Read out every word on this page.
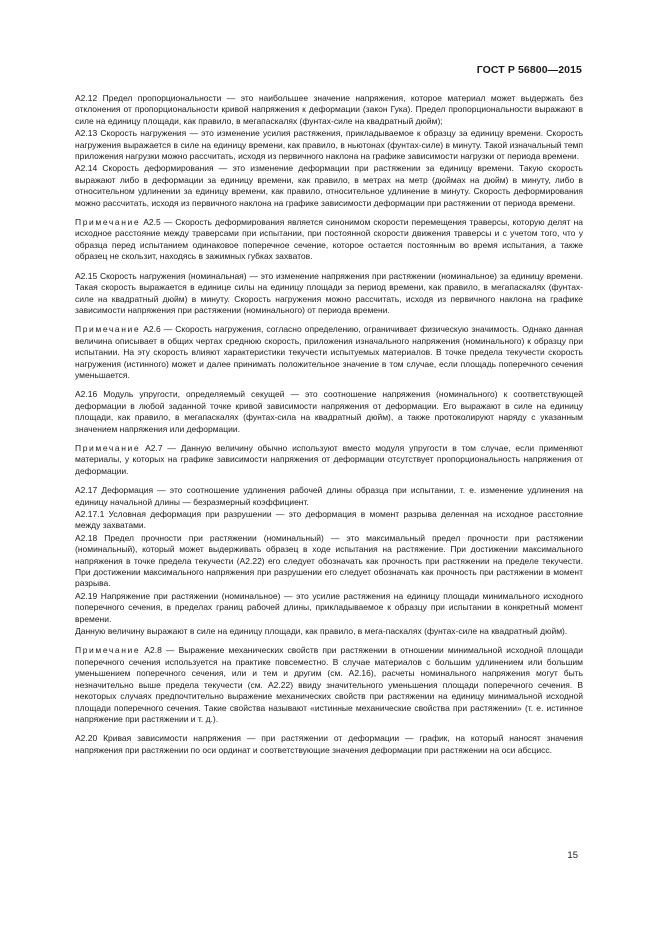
ГОСТ Р 56800—2015

А2.12 Предел пропорциональности — это наибольшее значение напряжения, которое материал может выдержать без отклонения от пропорциональности кривой напряжения к деформации (закон Гука). Предел пропорциональности выражают в силе на единицу площади, как правило, в мегапаскалях (фунтах-силе на квадратный дюйм);

А2.13 Скорость нагружения — это изменение усилия растяжения, прикладываемое к образцу за единицу времени. Скорость нагружения выражается в силе на единицу времени, как правило, в ньютонах (фунтах-силе) в минуту. Такой изначальный темп приложения нагрузки можно рассчитать, исходя из первичного наклона на графике зависимости нагрузки от периода времени.

А2.14 Скорость деформирования — это изменение деформации при растяжении за единицу времени. Такую скорость выражают либо в деформации за единицу времени, как правило, в метрах на метр (дюймах на дюйм) в минуту, либо в относительном удлинении за единицу времени, как правило, относительное удлинение в минуту. Скорость деформирования можно рассчитать, исходя из первичного наклона на графике зависимости деформации при растяжении от периода времени.

Примечание А2.5 — Скорость деформирования является синонимом скорости перемещения траверсы, которую делят на исходное расстояние между траверсами при испытании, при постоянной скорости движения траверсы и с учетом того, что у образца перед испытанием одинаковое поперечное сечение, которое остается постоянным во время испытания, а также образец не скользит, находясь в зажимных губках захватов.

А2.15 Скорость нагружения (номинальная) — это изменение напряжения при растяжении (номинальное) за единицу времени. Такая скорость выражается в единице силы на единицу площади за период времени, как правило, в мегапаскалях (фунтах-силе на квадратный дюйм) в минуту. Скорость нагружения можно рассчитать, исходя из первичного наклона на графике зависимости напряжения при растяжении (номинального) от периода времени.

Примечание А2.6 — Скорость нагружения, согласно определению, ограничивает физическую значимость. Однако данная величина описывает в общих чертах среднюю скорость, приложения изначального напряжения (номинального) к образцу при испытании. На эту скорость влияют характеристики текучести испытуемых материалов. В точке предела текучести скорость нагружения (истинного) может и далее принимать положительное значение в том случае, если площадь поперечного сечения уменьшается.

А2.16 Модуль упругости, определяемый секущей — это соотношение напряжения (номинального) к соответствующей деформации в любой заданной точке кривой зависимости напряжения от деформации. Его выражают в силе на единицу площади, как правило, в мегапаскалях (фунтах-сила на квадратный дюйм), а также протоколируют наряду с указанным значением напряжения или деформации.

Примечание А2.7 — Данную величину обычно используют вместо модуля упругости в том случае, если применяют материалы, у которых на графике зависимости напряжения от деформации отсутствует пропорциональность напряжения от деформации.

А2.17 Деформация — это соотношение удлинения рабочей длины образца при испытании, т. е. изменение удлинения на единицу начальной длины — безразмерный коэффициент.

А2.17.1 Условная деформация при разрушении — это деформация в момент разрыва деленная на исходное расстояние между захватами.

А2.18 Предел прочности при растяжении (номинальный) — это максимальный предел прочности при растяжении (номинальный), который может выдерживать образец в ходе испытания на растяжение. При достижении максимального напряжения в точке предела текучести (А2.22) его следует обозначать как прочность при растяжении на пределе текучести. При достижении максимального напряжения при разрушении его следует обозначать как прочность при растяжении в момент разрыва.

А2.19 Напряжение при растяжении (номинальное) — это усилие растяжения на единицу площади минимального исходного поперечного сечения, в пределах границ рабочей длины, прикладываемое к образцу при испытании в конкретный момент времени.

Данную величину выражают в силе на единицу площади, как правило, в мега-паскалях (фунтах-силе на квадратный дюйм).

Примечание А2.8 — Выражение механических свойств при растяжении в отношении минимальной исходной площади поперечного сечения используется на практике повсеместно. В случае материалов с большим удлинением или большим уменьшением поперечного сечения, или и тем и другим (см. А2.16), расчеты номинального напряжения могут быть незначительно выше предела текучести (см. А2.22) ввиду значительного уменьшения площади поперечного сечения. В некоторых случаях предпочтительно выражение механических свойств при растяжении на единицу минимальной исходной площади поперечного сечения. Такие свойства называют «истинные механические свойства при растяжении» (т. е. истинное напряжение при растяжении и т. д.).

А2.20 Кривая зависимости напряжения — при растяжении от деформации — график, на который наносят значения напряжения при растяжении по оси ординат и соответствующие значения деформации при растяжении на оси абсцисс.

15
